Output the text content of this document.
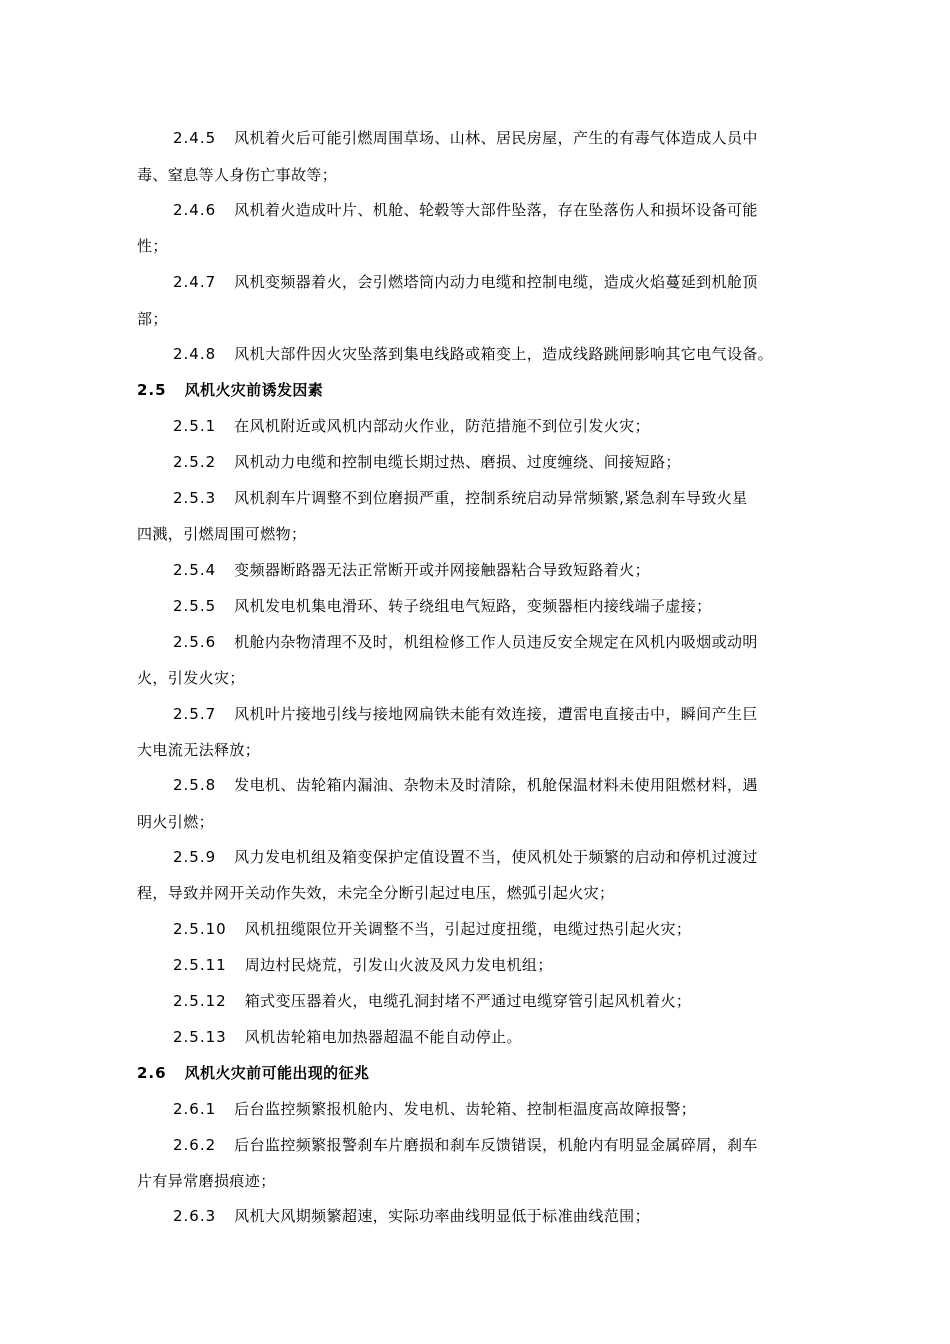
2.4.5 风机着火后可能引燃周围草场、山林、居民房屋，产生的有毒气体造成人员中
毒、窒息等人身伤亡事故等；
2.4.6 风机着火造成叶片、机舱、轮毂等大部件坠落，存在坠落伤人和损坏设备可能
性；
2.4.7 风机变频器着火，会引燃塔筒内动力电缆和控制电缆，造成火焰蔓延到机舱顶
部；
2.4.8 风机大部件因火灾坠落到集电线路或箱变上，造成线路跳闸影响其它电气设备。
2.5 风机火灾前诱发因素
2.5.1 在风机附近或风机内部动火作业，防范措施不到位引发火灾；
2.5.2 风机动力电缆和控制电缆长期过热、磨损、过度缠绕、间接短路；
2.5.3 风机刹车片调整不到位磨损严重，控制系统启动异常频繁,紧急刹车导致火星
四溅，引燃周围可燃物；
2.5.4 变频器断路器无法正常断开或并网接触器粘合导致短路着火；
2.5.5 风机发电机集电滑环、转子绕组电气短路，变频器柜内接线端子虚接；
2.5.6 机舱内杂物清理不及时，机组检修工作人员违反安全规定在风机内吸烟或动明
火，引发火灾；
2.5.7 风机叶片接地引线与接地网扁铁未能有效连接，遭雷电直接击中，瞬间产生巨
大电流无法释放；
2.5.8 发电机、齿轮箱内漏油、杂物未及时清除，机舱保温材料未使用阻燃材料，遇
明火引燃；
2.5.9 风力发电机组及箱变保护定值设置不当，使风机处于频繁的启动和停机过渡过
程，导致并网开关动作失效，未完全分断引起过电压，燃弧引起火灾；
2.5.10 风机扭缆限位开关调整不当，引起过度扭缆，电缆过热引起火灾；
2.5.11 周边村民烧荒，引发山火波及风力发电机组；
2.5.12 箱式变压器着火，电缆孔洞封堵不严通过电缆穿管引起风机着火；
2.5.13 风机齿轮箱电加热器超温不能自动停止。
2.6 风机火灾前可能出现的征兆
2.6.1 后台监控频繁报机舱内、发电机、齿轮箱、控制柜温度高故障报警；
2.6.2 后台监控频繁报警刹车片磨损和刹车反馈错误，机舱内有明显金属碎屑，刹车
片有异常磨损痕迹；
2.6.3 风机大风期频繁超速，实际功率曲线明显低于标准曲线范围；
